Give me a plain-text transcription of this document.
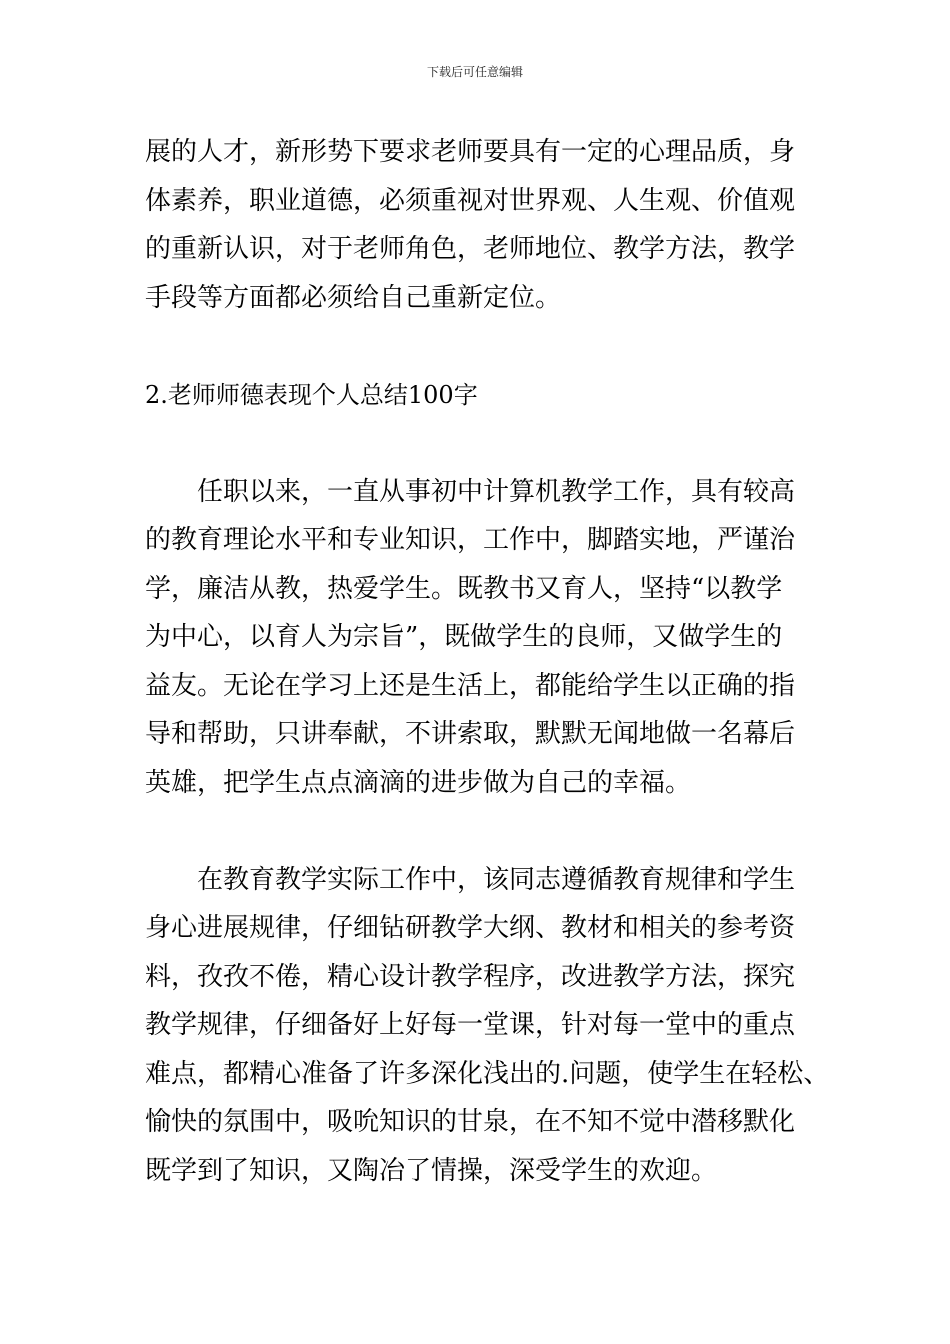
下载后可任意编辑
展的人才，新形势下要求老师要具有一定的心理品质，身
体素养，职业道德，必须重视对世界观、人生观、价值观
的重新认识，对于老师角色，老师地位、教学方法，教学
手段等方面都必须给自己重新定位。
2.老师师德表现个人总结100字
任职以来，一直从事初中计算机教学工作，具有较高
的教育理论水平和专业知识，工作中，脚踏实地，严谨治
学，廉洁从教，热爱学生。既教书又育人，坚持“以教学
为中心，以育人为宗旨”，既做学生的良师，又做学生的
益友。无论在学习上还是生活上，都能给学生以正确的指
导和帮助，只讲奉献，不讲索取，默默无闻地做一名幕后
英雄，把学生点点滴滴的进步做为自己的幸福。
在教育教学实际工作中，该同志遵循教育规律和学生
身心进展规律，仔细钻研教学大纲、教材和相关的参考资
料，孜孜不倦，精心设计教学程序，改进教学方法，探究
教学规律，仔细备好上好每一堂课，针对每一堂中的重点
难点，都精心准备了许多深化浅出的.问题，使学生在轻松、
愉快的氛围中，吸吮知识的甘泉，在不知不觉中潜移默化
既学到了知识，又陶冶了情操，深受学生的欢迎。
